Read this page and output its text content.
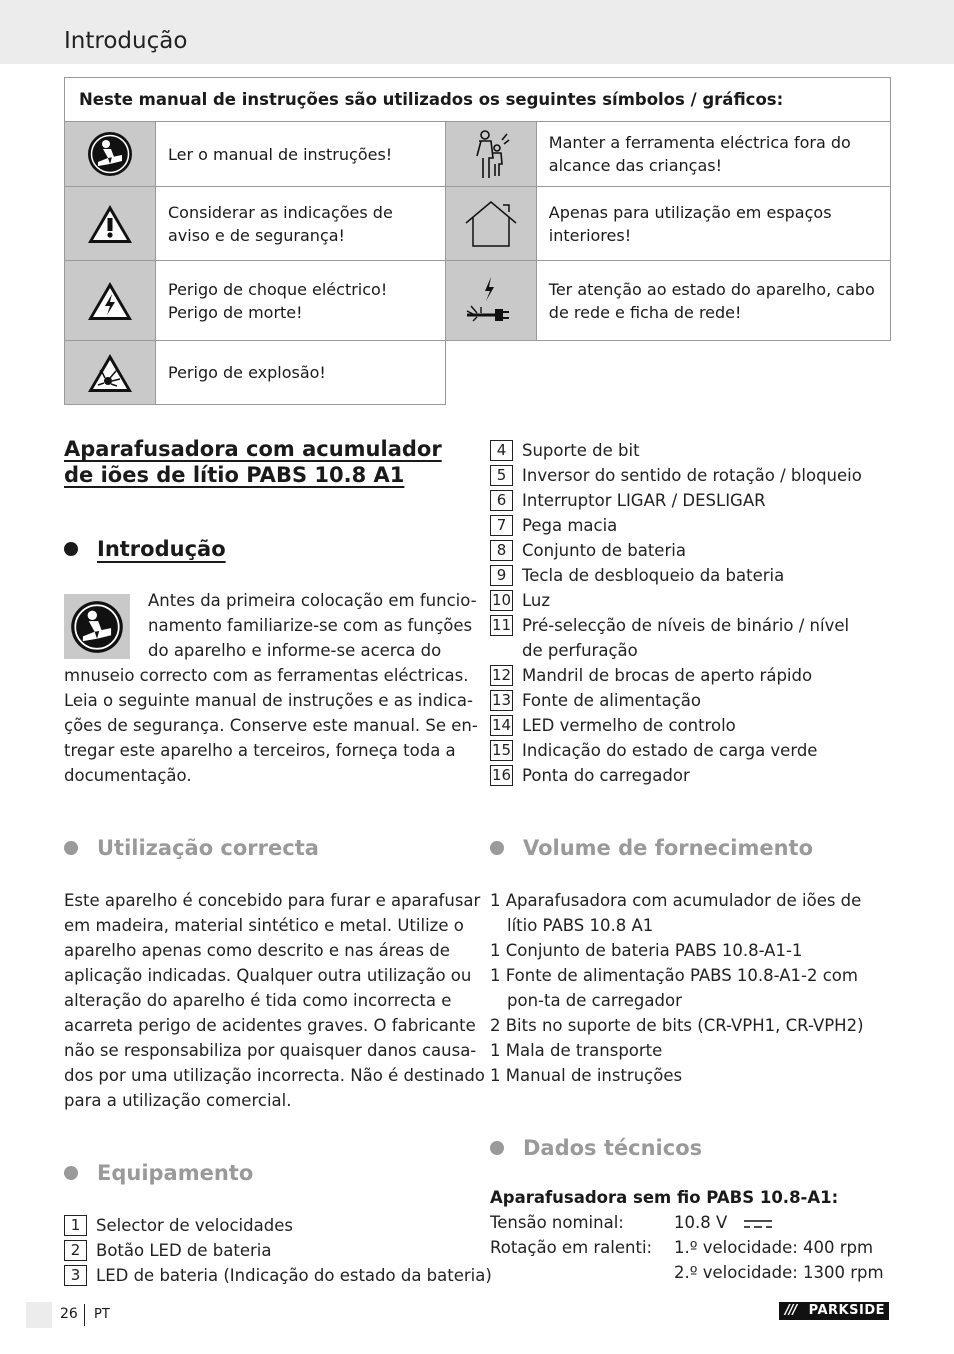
Introdução
Neste manual de instruções são utilizados os seguintes símbolos / gráficos:			

	Ler o manual de instruções!		Manter a ferramenta eléctrica fora do alcance das crianças!

	Considerar as indicações de aviso e de segurança!		Apenas para utilização em espaços interiores!

Perigo de choque eléctrico!
Perigo de morte!		Ter atenção ao estado do aparelho, cabo de rede e ficha de rede!

	Perigo de explosão!		
Aparafusadora com acumulador de iões de lítio PABS 10.8 A1
Introdução
Antes da primeira colocação em funcio-
namento familiarize-se com as funções
do aparelho e informe-se acerca do
mnuseio correcto com as ferramentas eléctricas.
Leia o seguinte manual de instruções e as indica-
ções de segurança. Conserve este manual. Se en-
tregar este aparelho a terceiros, forneça toda a
documentação.
Utilização correcta
Este aparelho é concebido para furar e aparafusar
em madeira, material sintético e metal. Utilize o
aparelho apenas como descrito e nas áreas de
aplicação indicadas. Qualquer outra utilização ou
alteração do aparelho é tida como incorrecta e
acarreta perigo de acidentes graves. O fabricante
não se responsabiliza por quaisquer danos causa-
dos por uma utilização incorrecta. Não é destinado
para a utilização comercial.
Equipamento
1 Selector de velocidades
2 Botão LED de bateria
3 LED de bateria (Indicação do estado da bateria)
4 Suporte de bit
5 Inversor do sentido de rotação / bloqueio
6 Interruptor LIGAR / DESLIGAR
7 Pega macia
8 Conjunto de bateria
9 Tecla de desbloqueio da bateria
10 Luz
11 Pré-selecção de níveis de binário / nível
de perfuração
12 Mandril de brocas de aperto rápido
13 Fonte de alimentação
14 LED vermelho de controlo
15 Indicação do estado de carga verde
16 Ponta do carregador
Volume de fornecimento
1 Aparafusadora com acumulador de iões de lítio PABS 10.8 A1
1 Conjunto de bateria PABS 10.8-A1-1
1 Fonte de alimentação PABS 10.8-A1-2 com pon-ta de carregador
2 Bits no suporte de bits (CR-VPH1, CR-VPH2)
1 Mala de transporte
1 Manual de instruções
Dados técnicos
Aparafusadora sem fio PABS 10.8-A1:
Tensão nominal:	10.8 V
Rotação em ralenti: 1.º velocidade: 400 rpm
2.º velocidade: 1300 rpm
26 PT	/// PARKSIDE
